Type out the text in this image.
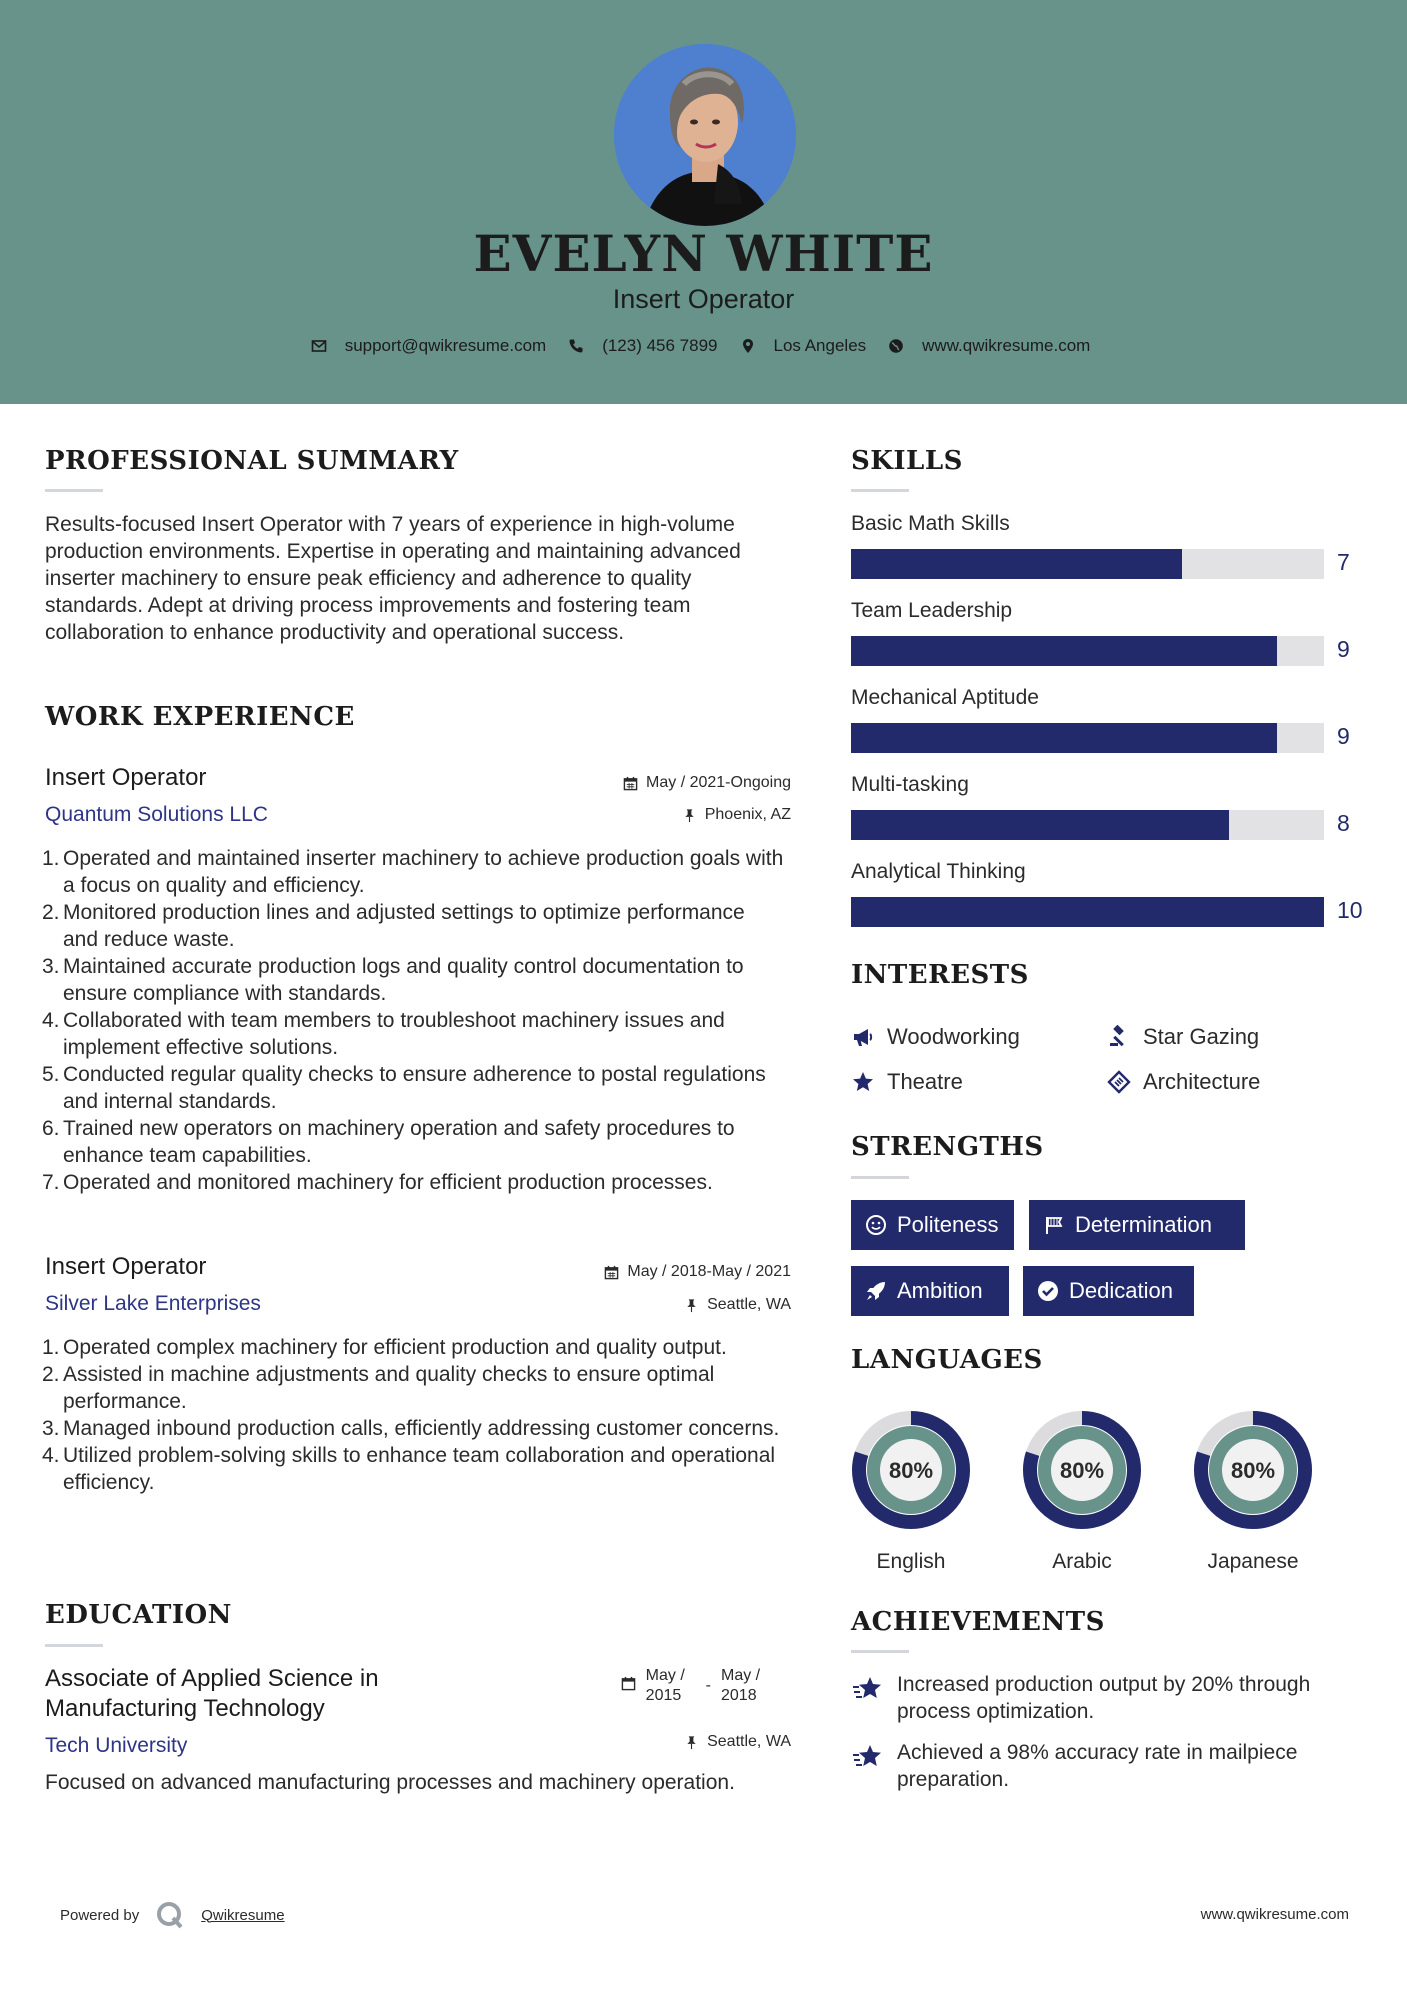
EVELYN WHITE
Insert Operator
support@qwikresume.com	(123) 456 7899	Los Angeles	www.qwikresume.com
PROFESSIONAL SUMMARY
Results-focused Insert Operator with 7 years of experience in high-volume production environments. Expertise in operating and maintaining advanced inserter machinery to ensure peak efficiency and adherence to quality standards. Adept at driving process improvements and fostering team collaboration to enhance productivity and operational success.
WORK EXPERIENCE
Insert Operator
Quantum Solutions LLC
May / 2021-Ongoing
Phoenix, AZ
1. Operated and maintained inserter machinery to achieve production goals with a focus on quality and efficiency.
2. Monitored production lines and adjusted settings to optimize performance and reduce waste.
3. Maintained accurate production logs and quality control documentation to ensure compliance with standards.
4. Collaborated with team members to troubleshoot machinery issues and implement effective solutions.
5. Conducted regular quality checks to ensure adherence to postal regulations and internal standards.
6. Trained new operators on machinery operation and safety procedures to enhance team capabilities.
7. Operated and monitored machinery for efficient production processes.
Insert Operator
Silver Lake Enterprises
May / 2018-May / 2021
Seattle, WA
1. Operated complex machinery for efficient production and quality output.
2. Assisted in machine adjustments and quality checks to ensure optimal performance.
3. Managed inbound production calls, efficiently addressing customer concerns.
4. Utilized problem-solving skills to enhance team collaboration and operational efficiency.
EDUCATION
Associate of Applied Science in Manufacturing Technology
May / 2015
-
May / 2018
Tech University	Seattle, WA
Focused on advanced manufacturing processes and machinery operation.
SKILLS
Basic Math Skills
7
Team Leadership
9
Mechanical Aptitude
9
Multi-tasking
8
Analytical Thinking
10
INTERESTS
Woodworking	Star Gazing
Theatre	Architecture
STRENGTHS
Politeness	Determination
Ambition	Dedication
LANGUAGES
80%
English
80%
Arabic
80%
Japanese
ACHIEVEMENTS
Increased production output by 20% through process optimization.
Achieved a 98% accuracy rate in mailpiece preparation.
Powered by	Qwikresume	www.qwikresume.com
